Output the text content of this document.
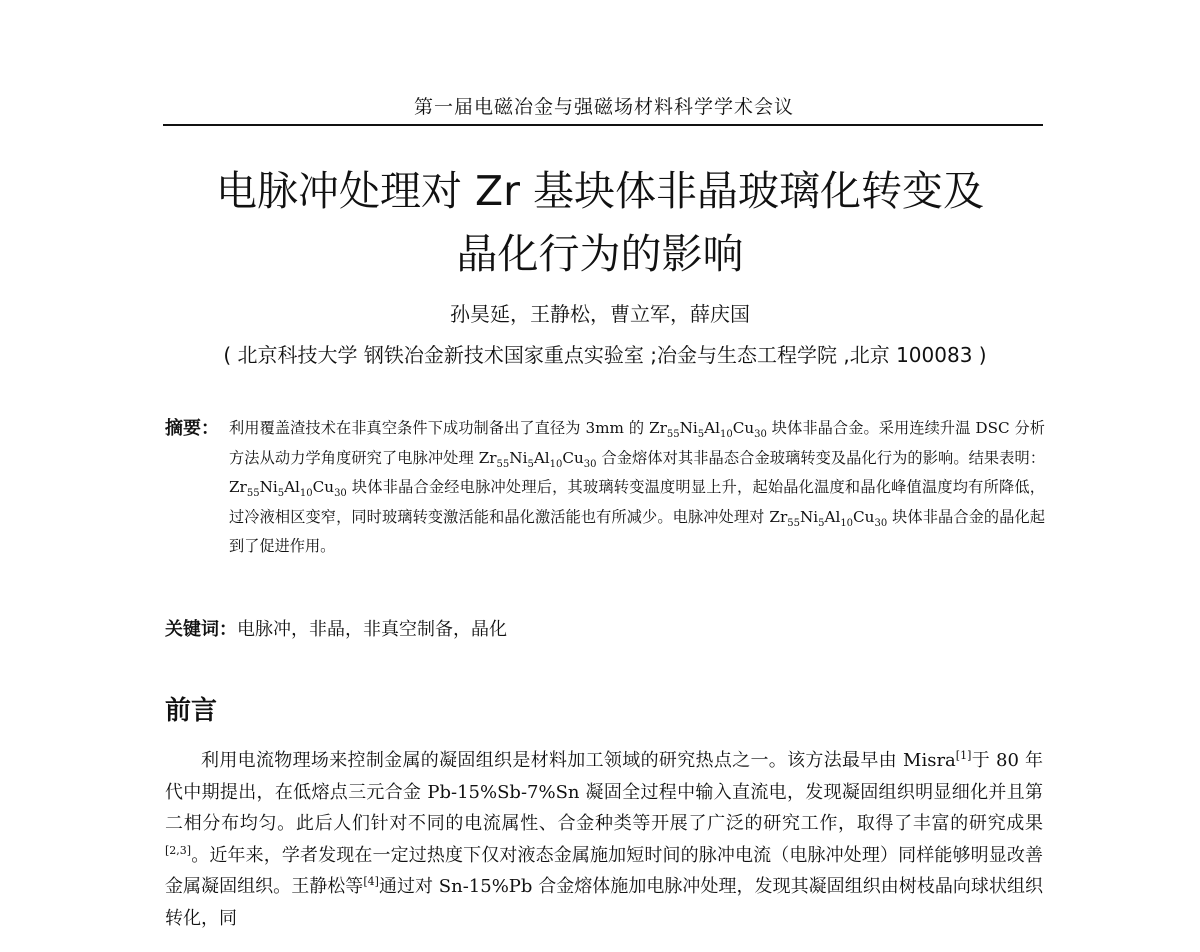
第一届电磁冶金与强磁场材料科学学术会议
电脉冲处理对 Zr 基块体非晶玻璃化转变及
晶化行为的影响
孙昊延，王静松，曹立军，薛庆国
( 北京科技大学 钢铁冶金新技术国家重点实验室 ;冶金与生态工程学院 ,北京 100083 )
摘要： 利用覆盖渣技术在非真空条件下成功制备出了直径为 3mm 的 $Zr_{55}Ni_5Al_{10}Cu_{30}$ 块体非晶合金。采用连续升温 DSC 分析方法从动力学角度研究了电脉冲处理 $Zr_{55}Ni_5Al_{10}Cu_{30}$ 合金熔体对其非晶态合金玻璃转变及晶化行为的影响。结果表明：$Zr_{55}Ni_5Al_{10}Cu_{30}$ 块体非晶合金经电脉冲处理后，其玻璃转变温度明显上升，起始晶化温度和晶化峰值温度均有所降低，过冷液相区变窄，同时玻璃转变激活能和晶化激活能也有所减少。电脉冲处理对 $Zr_{55}Ni_5Al_{10}Cu_{30}$ 块体非晶合金的晶化起到了促进作用。
关键词：电脉冲，非晶，非真空制备，晶化
前言

利用电流物理场来控制金属的凝固组织是材料加工领域的研究热点之一。该方法最早由 Misra[1]于 80 年代中期提出，在低熔点三元合金 Pb-15%Sb-7%Sn 凝固全过程中输入直流电，发现凝固组织明显细化并且第二相分布均匀。此后人们针对不同的电流属性、合金种类等开展了广泛的研究工作，取得了丰富的研究成果[2,3]。近年来，学者发现在一定过热度下仅对液态金属施加短时间的脉冲电流（电脉冲处理）同样能够明显改善金属凝固组织。王静松等[4]通过对 Sn-15%Pb 合金熔体施加电脉冲处理，发现其凝固组织由树枝晶向球状组织转化，同
